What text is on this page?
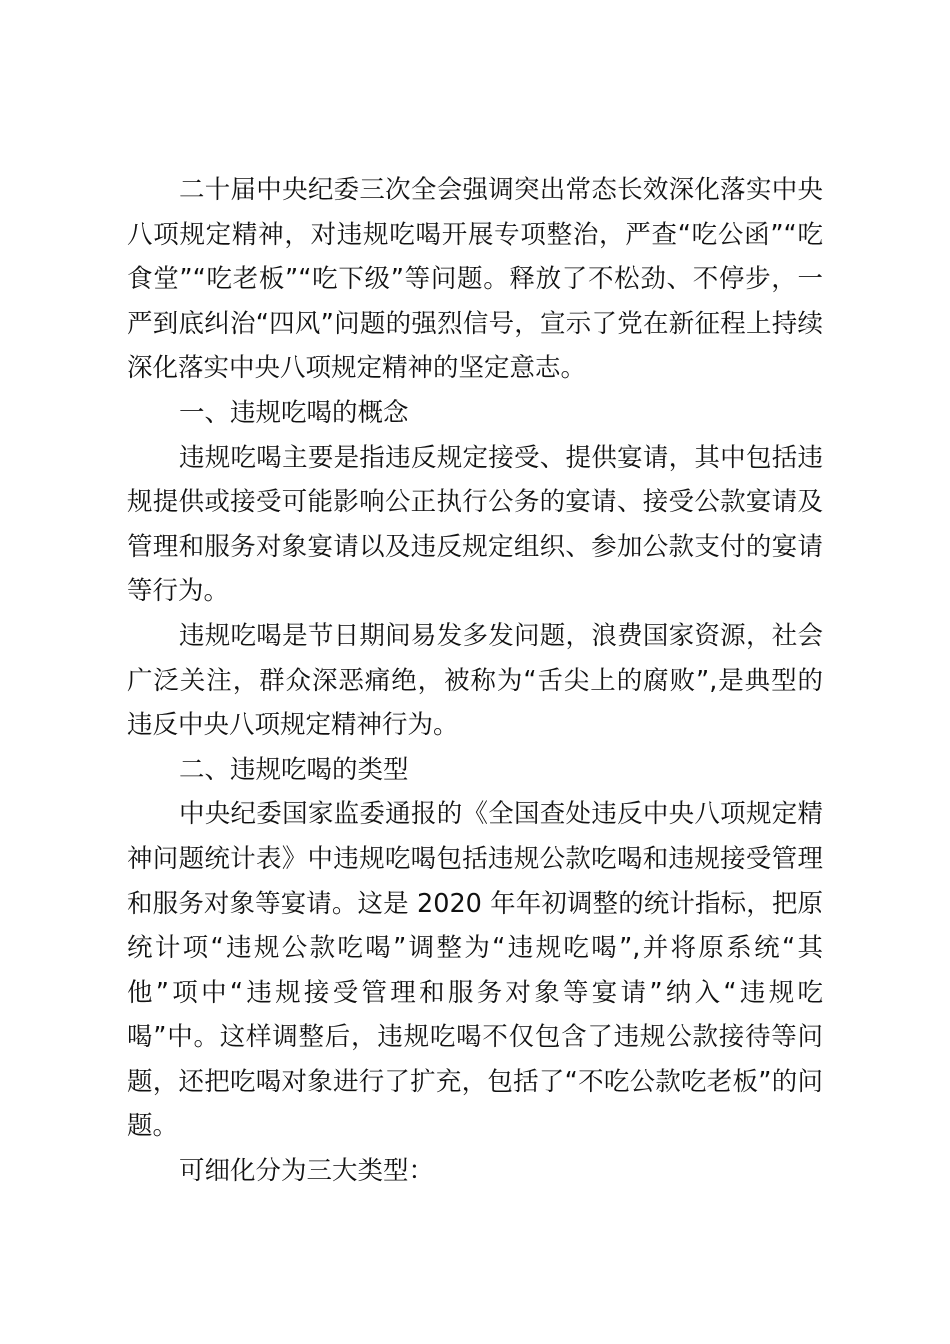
二十届中央纪委三次全会强调突出常态长效深化落实中央八项规定精神，对违规吃喝开展专项整治，严查“吃公函”“吃食堂”“吃老板”“吃下级”等问题。释放了不松劲、不停步，一严到底纠治“四风”问题的强烈信号，宣示了党在新征程上持续深化落实中央八项规定精神的坚定意志。

一、违规吃喝的概念

违规吃喝主要是指违反规定接受、提供宴请，其中包括违规提供或接受可能影响公正执行公务的宴请、接受公款宴请及管理和服务对象宴请以及违反规定组织、参加公款支付的宴请等行为。

违规吃喝是节日期间易发多发问题，浪费国家资源，社会广泛关注，群众深恶痛绝，被称为“舌尖上的腐败”,是典型的违反中央八项规定精神行为。

二、违规吃喝的类型

中央纪委国家监委通报的《全国查处违反中央八项规定精神问题统计表》中违规吃喝包括违规公款吃喝和违规接受管理和服务对象等宴请。这是 2020 年年初调整的统计指标，把原统计项“违规公款吃喝”调整为“违规吃喝”,并将原系统“其他”项中“违规接受管理和服务对象等宴请”纳入“违规吃喝”中。这样调整后，违规吃喝不仅包含了违规公款接待等问题，还把吃喝对象进行了扩充，包括了“不吃公款吃老板”的问题。

可细化分为三大类型：
